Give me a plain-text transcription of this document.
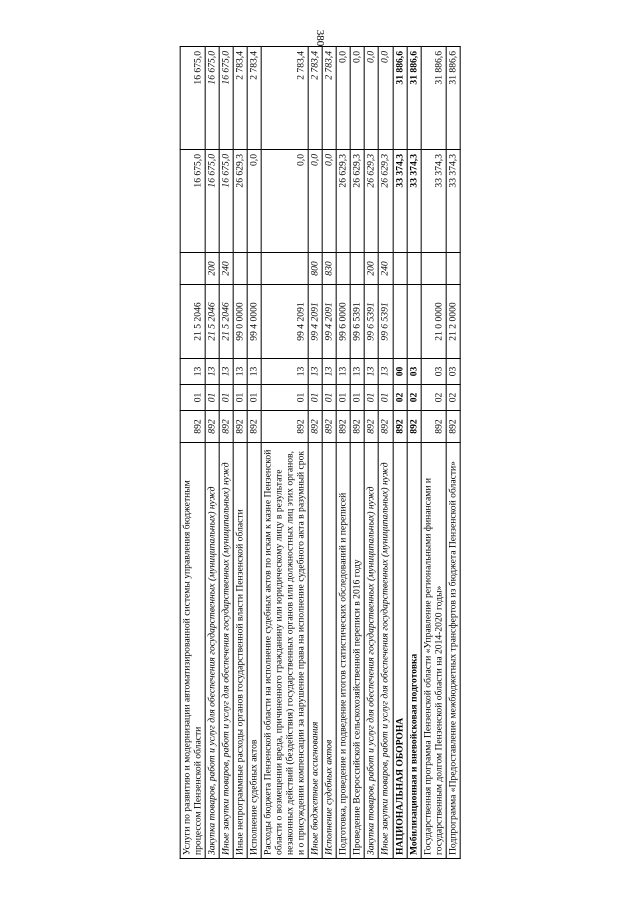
380
Услуги по развитию и модернизации автоматизированной системы управления бюджетным процессом Пензенской области	892	01	13	21 5 2046		16 675,0	16 675,0
Закупка товаров, работ и услуг для обеспечения государственных (муниципальных) нужд	892	01	13	21 5 2046	200	16 675,0	16 675,0
Иные закупки товаров, работ и услуг для обеспечения государственных (муниципальных) нужд	892	01	13	21 5 2046	240	16 675,0	16 675,0
Иные непрограммные расходы органов государственной власти Пензенской области	892	01	13	99 0 0000		26 629,3	2 783,4
Исполнение судебных актов	892	01	13	99 4 0000		0,0	2 783,4
Расходы бюджета Пензенской области на исполнение судебных актов по искам к казне Пензенской области о возмещении вреда, причиненного гражданину или юридическому лицу в результате незаконных действий (бездействия) государственных органов или должностных лиц этих органов, и о присуждении компенсации за нарушение права на исполнение судебного акта в разумный срок	892	01	13	99 4 2091		0,0	2 783,4
Иные бюджетные ассигнования	892	01	13	99 4 2091	800	0,0	2 783,4
Исполнение судебных актов	892	01	13	99 4 2091	830	0,0	2 783,4
Подготовка, проведение и подведение итогов статистических обследований и переписей	892	01	13	99 6 0000		26 629,3	0,0
Проведение Всероссийской сельскохозяйственной переписи в 2016 году	892	01	13	99 6 5391		26 629,3	0,0
Закупка товаров, работ и услуг для обеспечения государственных (муниципальных) нужд	892	01	13	99 6 5391	200	26 629,3	0,0
Иные закупки товаров, работ и услуг для обеспечения государственных (муниципальных) нужд	892	01	13	99 6 5391	240	26 629,3	0,0
НАЦИОНАЛЬНАЯ ОБОРОНА	892	02	00			33 374,3	31 886,6
Мобилизационная и вневойсковая подготовка	892	02	03			33 374,3	31 886,6
Государственная программа Пензенской области «Управление региональными финансами и государственным долгом Пензенской области на 2014-2020 годы»	892	02	03	21 0 0000		33 374,3	31 886,6
Подпрограмма «Предоставление межбюджетных трансфертов из бюджета Пензенской области»	892	02	03	21 2 0000		33 374,3	31 886,6
